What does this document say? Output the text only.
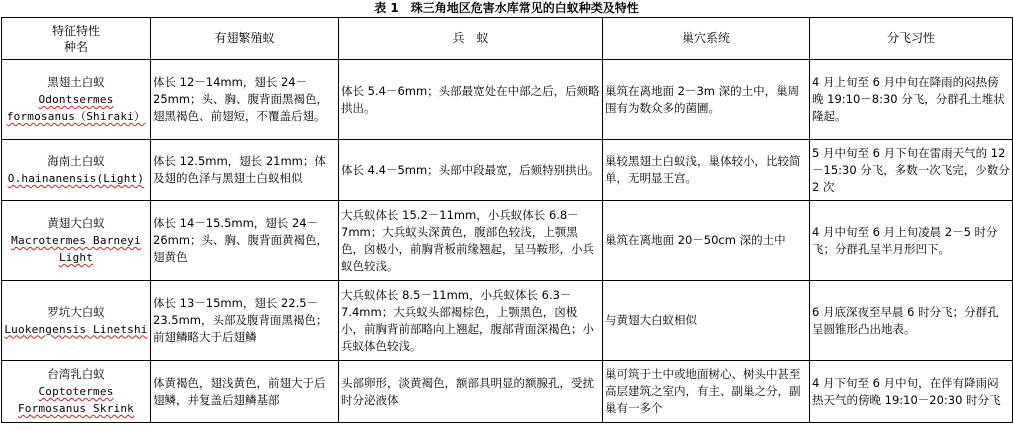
表 1　珠三角地区危害水库常见的白蚁种类及特性
特征特性
种名	有翅繁殖蚁	兵　蚁	巢穴系统	分飞习性

黑翅土白蚁
Odontsermes formosanus（Shiraki）	体长 12－14mm，翅长 24－25mm；头、胸、腹背面黑褐色，翅黑褐色、前翅短，不覆盖后翅。	体长 5.4－6mm；头部最宽处在中部之后，后颏略拱出。	巢筑在离地面 2－3m 深的土中，巢周围有为数众多的菌圃。	4 月上旬至 6 月中旬在降雨的闷热傍晚 19:10－8:30 分飞，分群孔土堆状隆起。

海南土白蚁
O.hainanensis(Light)	体长 12.5mm，翅长 21mm；体及翅的色泽与黑翅土白蚁相似	体长 4.4－5mm；头部中段最宽，后颏特别拱出。	巢较黑翅土白蚁浅，巢体较小，比较简单，无明显王宫。	5 月中旬至 6 月下旬在雷雨天气的 12－15:30 分飞，多数一次飞完，少数分 2 次

黄翅大白蚁
Macrotermes Barneyi Light	体长 14－15.5mm，翅长 24－26mm；头、胸、腹背面黄褐色，翅黄色	大兵蚁体长 15.2－11mm，小兵蚁体长 6.8－7mm；大兵蚁头深黄色，腹部色较浅，上颚黑色，囟极小，前胸背板前缘翘起，呈马鞍形，小兵蚁色较浅。	巢筑在离地面 20－50cm 深的土中	4 月中旬至 6 月上旬凌晨 2－5 时分飞；分群孔呈半月形凹下。

罗坑大白蚁
Luokengensis Linetshi	体长 13－15mm，翅长 22.5－23.5mm，头部及腹背面黑褐色；前翅鳞略大于后翅鳞	大兵蚁体长 8.5－11mm，小兵蚁体长 6.3－7.4mm；大兵蚁头部褐棕色，上颚黑色，囟极小，前胸背前部略向上翘起，腹部背面深褐色；小兵蚁体色较浅。	与黄翅大白蚁相似	6 月底深夜至早晨 6 时分飞；分群孔呈圆锥形凸出地表。

台湾乳白蚁
Coptotermes Formosanus Skrink	体黄褐色，翅浅黄色，前翅大于后翅鳞，并复盖后翅鳞基部	头部卵形，淡黄褐色，额部具明显的额腺孔，受扰时分泌液体	巢可筑于土中或地面树心、树头中甚至高层建筑之室内，有主、副巢之分，副巢有一多个	4 月下旬至 6 月中旬，在伴有降雨闷热天气的傍晚 19:10－20:30 时分飞
